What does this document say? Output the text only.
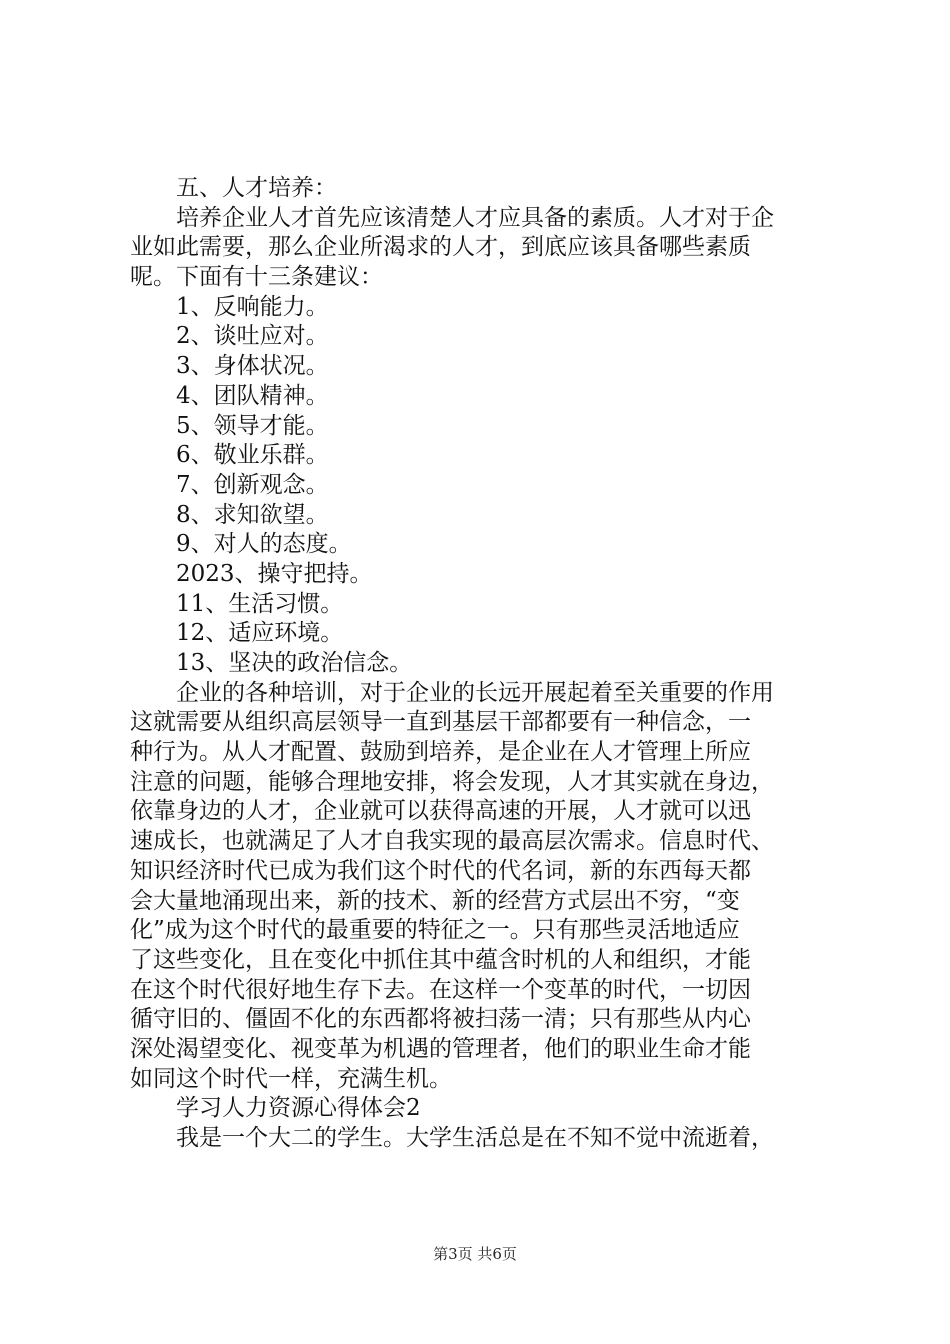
五、人才培养：
培养企业人才首先应该清楚人才应具备的素质。人才对于企
业如此需要，那么企业所渴求的人才，到底应该具备哪些素质
呢。下面有十三条建议：
1、反响能力。
2、谈吐应对。
3、身体状况。
4、团队精神。
5、领导才能。
6、敬业乐群。
7、创新观念。
8、求知欲望。
9、对人的态度。
2023、操守把持。
11、生活习惯。
12、适应环境。
13、坚决的政治信念。
企业的各种培训，对于企业的长远开展起着至关重要的作用
这就需要从组织高层领导一直到基层干部都要有一种信念，一
种行为。从人才配置、鼓励到培养，是企业在人才管理上所应
注意的问题，能够合理地安排，将会发现，人才其实就在身边，
依靠身边的人才，企业就可以获得高速的开展，人才就可以迅
速成长，也就满足了人才自我实现的最高层次需求。信息时代、
知识经济时代已成为我们这个时代的代名词，新的东西每天都
会大量地涌现出来，新的技术、新的经营方式层出不穷，“变
化”成为这个时代的最重要的特征之一。只有那些灵活地适应
了这些变化，且在变化中抓住其中蕴含时机的人和组织，才能
在这个时代很好地生存下去。在这样一个变革的时代，一切因
循守旧的、僵固不化的东西都将被扫荡一清；只有那些从内心
深处渴望变化、视变革为机遇的管理者，他们的职业生命才能
如同这个时代一样，充满生机。
学习人力资源心得体会2
我是一个大二的学生。大学生活总是在不知不觉中流逝着，
第3页 共6页
